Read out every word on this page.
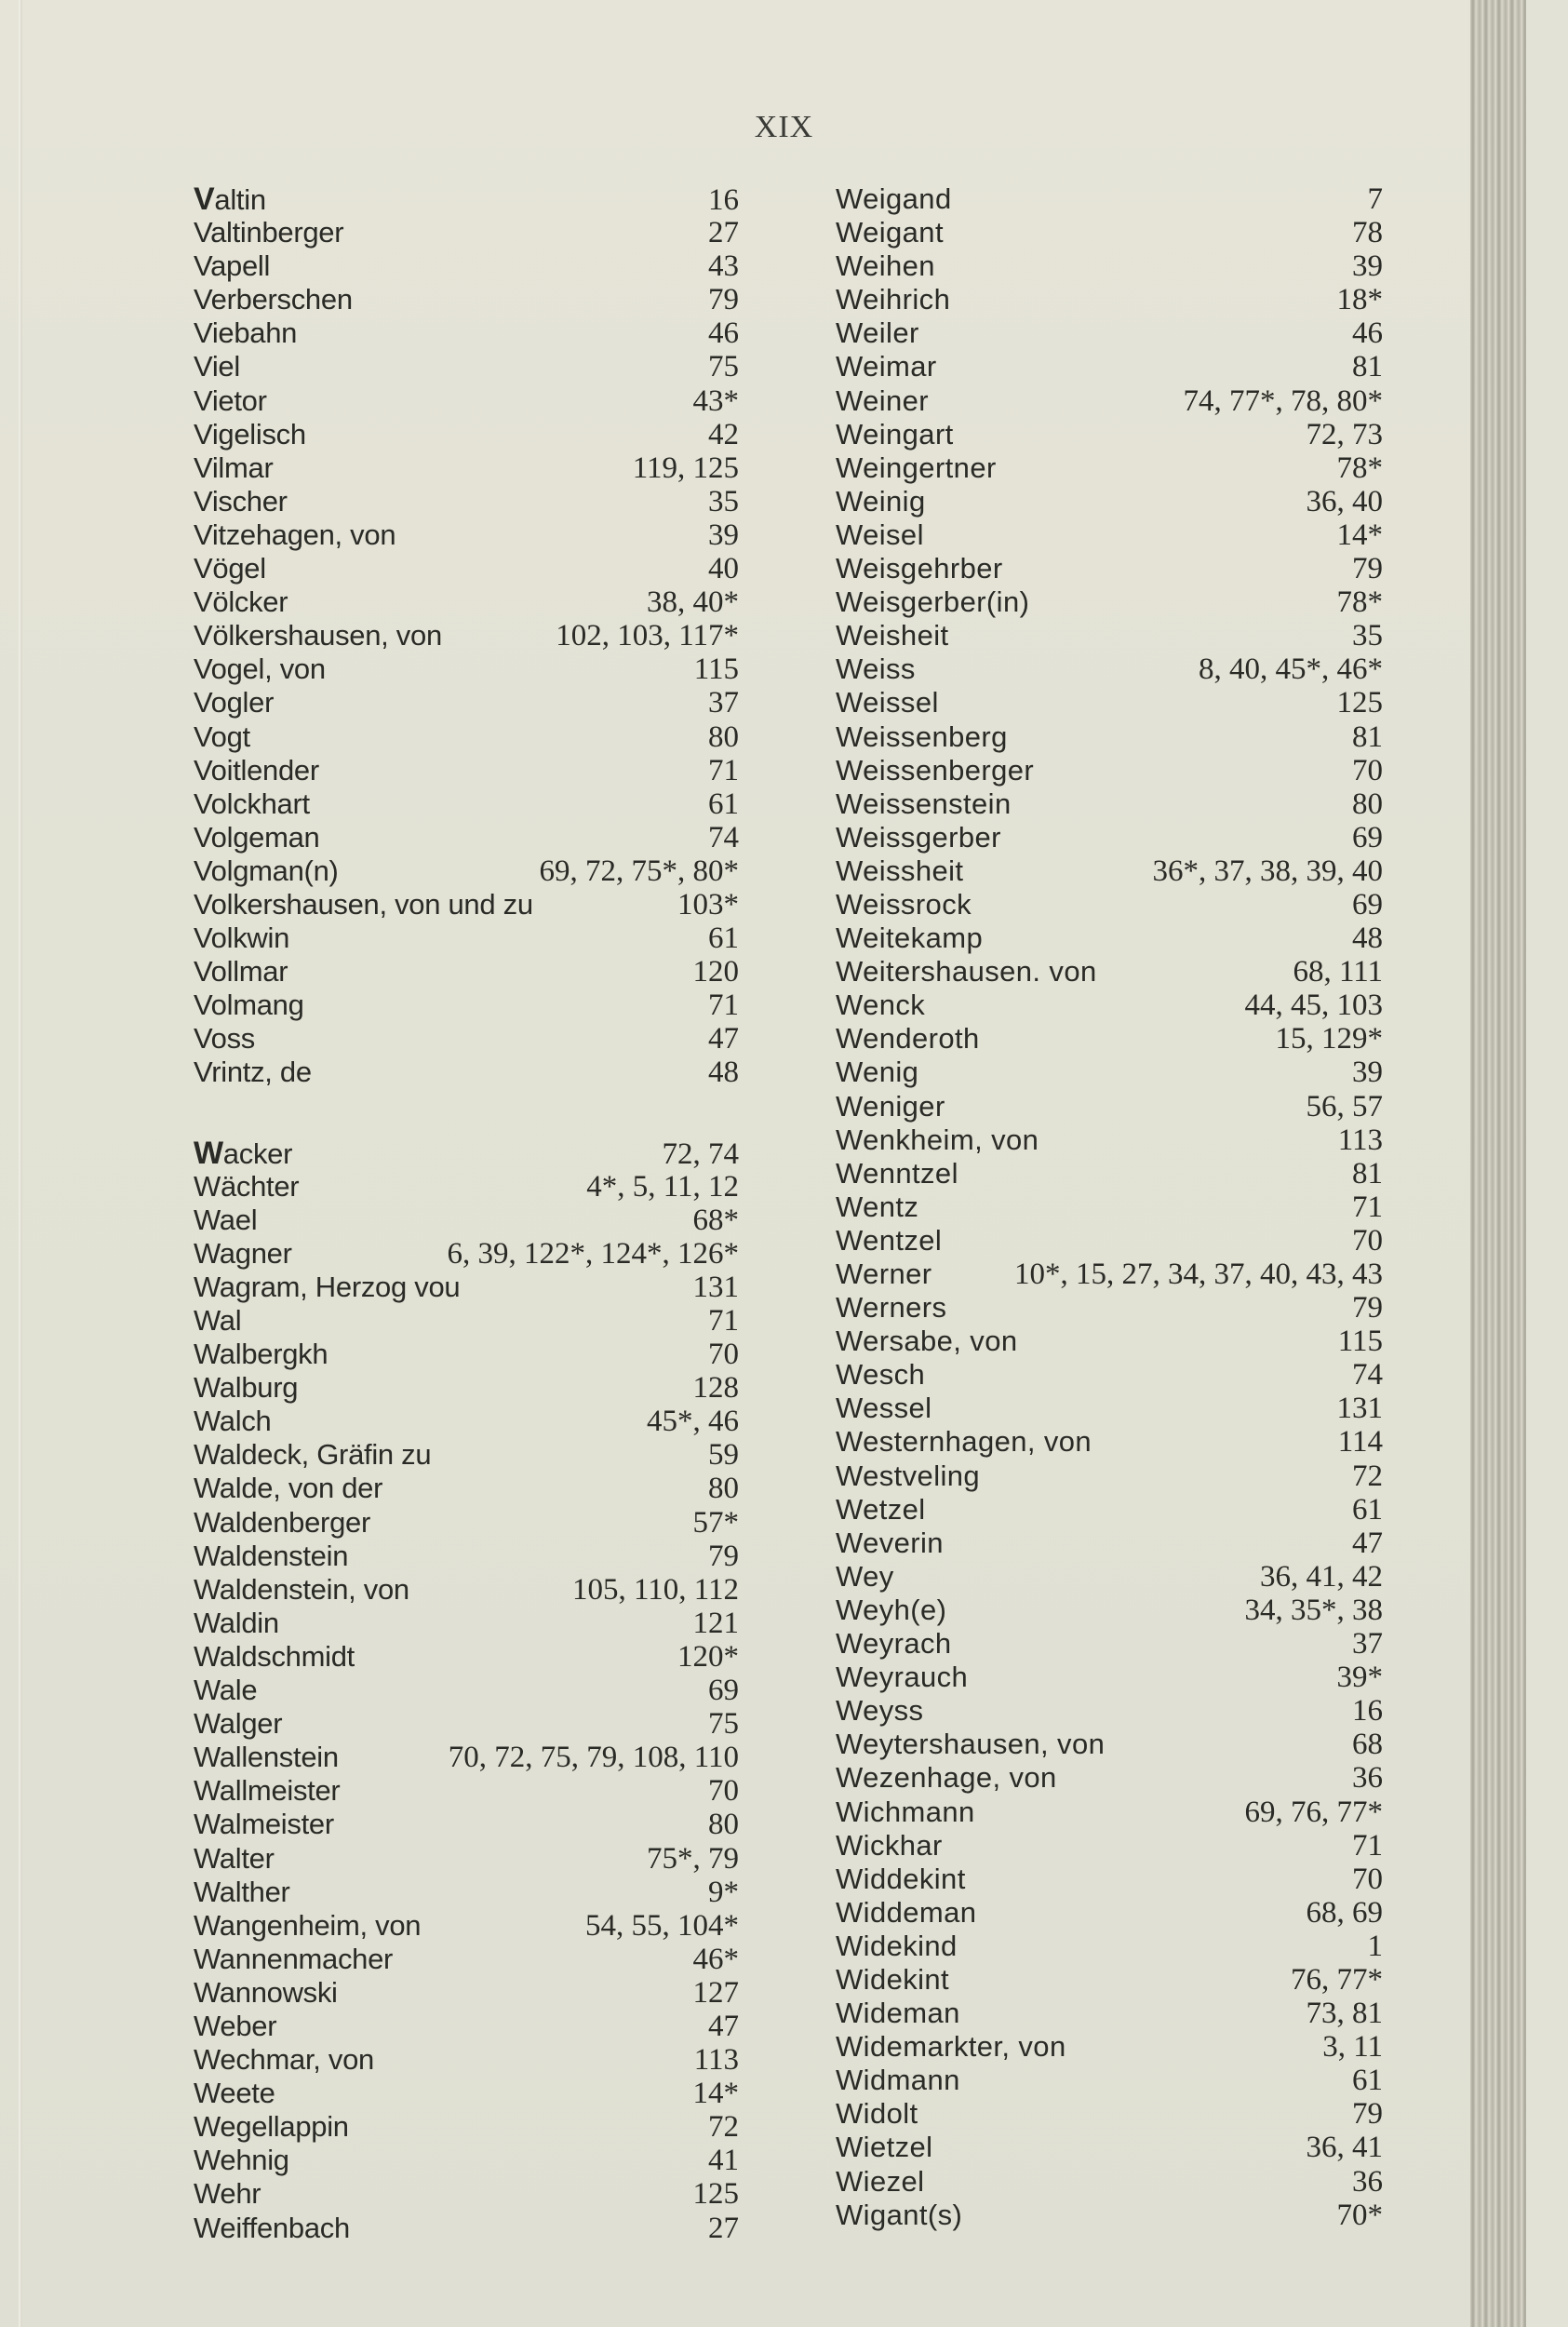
XIX
Valtin	16
Valtinberger	27
Vapell	43
Verberschen	79
Viebahn	46
Viel	75
Vietor	43*
Vigelisch	42
Vilmar	119, 125
Vischer	35
Vitzehagen, von	39
Vögel	40
Völcker	38, 40*
Völkershausen, von	102, 103, 117*
Vogel, von	115
Vogler	37
Vogt	80
Voitlender	71
Volckhart	61
Volgeman	74
Volgman(n)	69, 72, 75*, 80*
Volkershausen, von und zu	103*
Volkwin	61
Vollmar	120
Volmang	71
Voss	47
Vrintz, de	48
Wacker	72, 74
Wächter	4*, 5, 11, 12
Wael	68*
Wagner	6, 39, 122*, 124*, 126*
Wagram, Herzog vou	131
Wal	71
Walbergkh	70
Walburg	128
Walch	45*, 46
Waldeck, Gräfin zu	59
Walde, von der	80
Waldenberger	57*
Waldenstein	79
Waldenstein, von	105, 110, 112
Waldin	121
Waldschmidt	120*
Wale	69
Walger	75
Wallenstein	70, 72, 75, 79, 108, 110
Wallmeister	70
Walmeister	80
Walter	75*, 79
Walther	9*
Wangenheim, von	54, 55, 104*
Wannenmacher	46*
Wannowski	127
Weber	47
Wechmar, von	113
Weete	14*
Wegellappin	72
Wehnig	41
Wehr	125
Weiffenbach	27
Weigand	7
Weigant	78
Weihen	39
Weihrich	18*
Weiler	46
Weimar	81
Weiner	74, 77*, 78, 80*
Weingart	72, 73
Weingertner	78*
Weinig	36, 40
Weisel	14*
Weisgehrber	79
Weisgerber(in)	78*
Weisheit	35
Weiss	8, 40, 45*, 46*
Weissel	125
Weissenberg	81
Weissenberger	70
Weissenstein	80
Weissgerber	69
Weissheit	36*, 37, 38, 39, 40
Weissrock	69
Weitekamp	48
Weitershausen. von	68, 111
Wenck	44, 45, 103
Wenderoth	15, 129*
Wenig	39
Weniger	56, 57
Wenkheim, von	113
Wenntzel	81
Wentz	71
Wentzel	70
Werner	10*, 15, 27, 34, 37, 40, 43, 43
Werners	79
Wersabe, von	115
Wesch	74
Wessel	131
Westernhagen, von	114
Westveling	72
Wetzel	61
Weverin	47
Wey	36, 41, 42
Weyh(e)	34, 35*, 38
Weyrach	37
Weyrauch	39*
Weyss	16
Weytershausen, von	68
Wezenhage, von	36
Wichmann	69, 76, 77*
Wickhar	71
Widdekint	70
Widdeman	68, 69
Widekind	1
Widekint	76, 77*
Wideman	73, 81
Widemarkter, von	3, 11
Widmann	61
Widolt	79
Wietzel	36, 41
Wiezel	36
Wigant(s)	70*
